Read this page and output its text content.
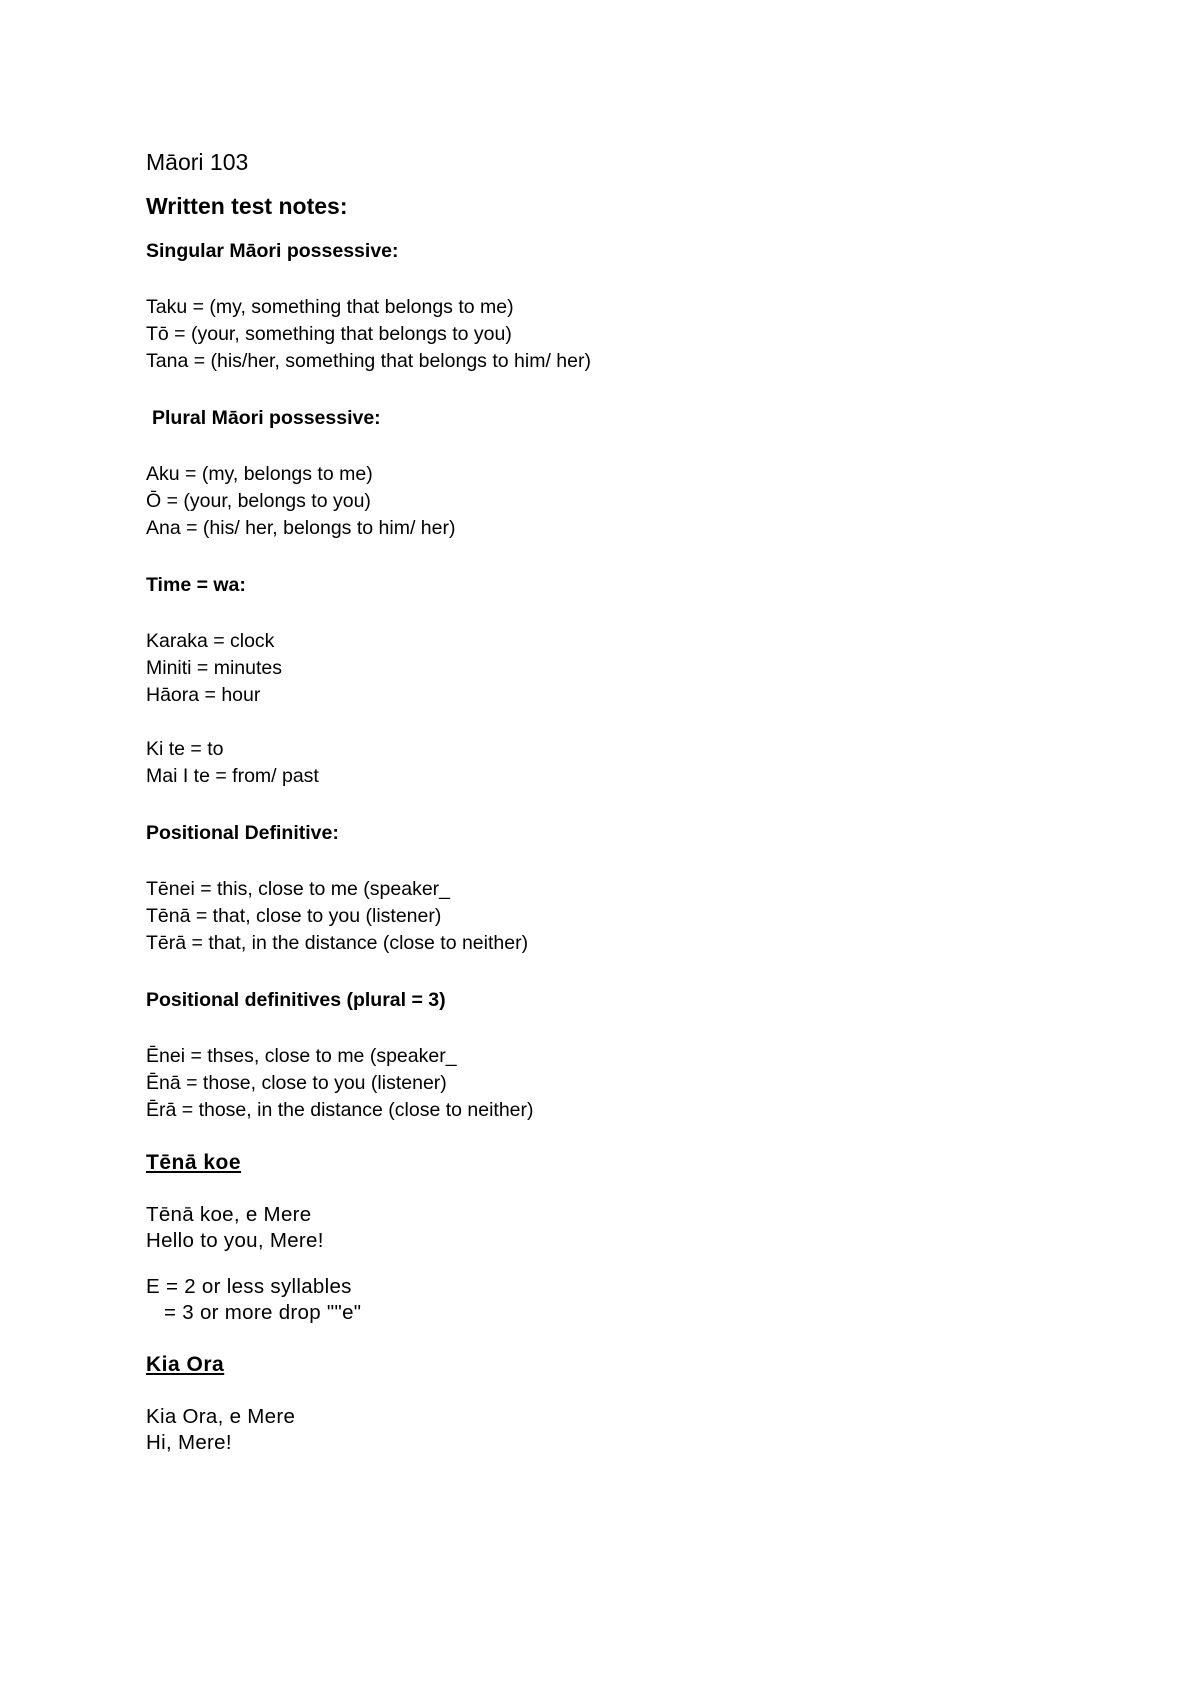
Māori 103
Written test notes:
Singular Māori possessive:
Taku = (my, something that belongs to me)
Tō = (your, something that belongs to you)
Tana = (his/her, something that belongs to him/ her)
Plural Māori possessive:
Aku = (my, belongs to me)
Ō = (your, belongs to you)
Ana = (his/ her, belongs to him/ her)
Time = wa:
Karaka = clock
Miniti = minutes
Hāora = hour
Ki te = to
Mai I te = from/ past
Positional Definitive:
Tēnei = this, close to me (speaker_
Tēnā = that, close to you (listener)
Tērā = that, in the distance (close to neither)
Positional definitives (plural = 3)
Ēnei = thses, close to me (speaker_
Ēnā = those, close to you (listener)
Ērā = those, in the distance (close to neither)
Tēnā koe
Tēnā koe, e Mere
Hello to you, Mere!
E = 2 or less syllables
= 3 or more drop ""e"
Kia Ora
Kia Ora, e Mere
Hi, Mere!
